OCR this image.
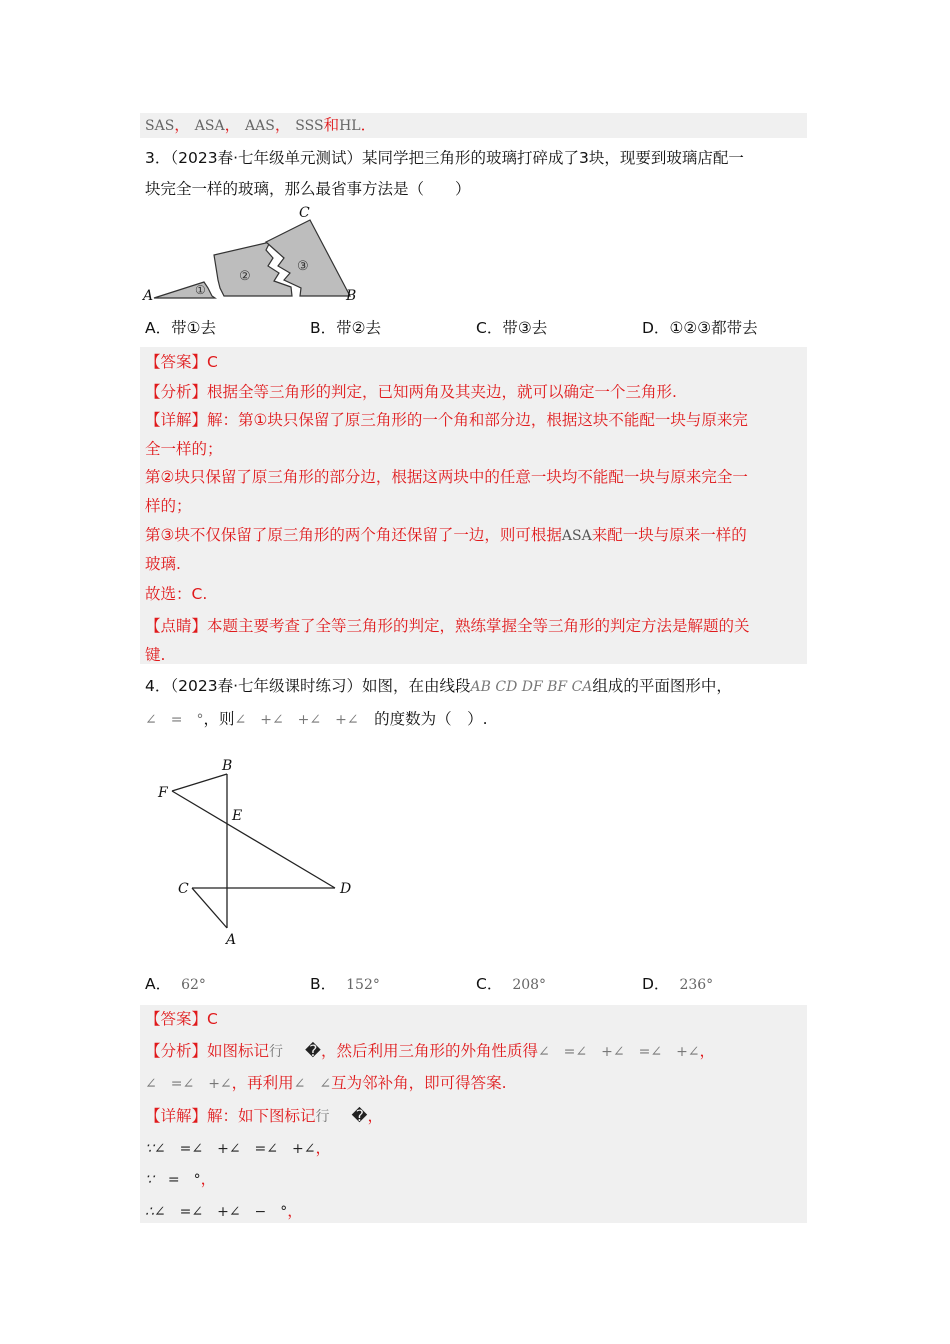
SAS， ASA， AAS， SSS和HL．
3．（2023春·七年级单元测试）某同学把三角形的玻璃打碎成了3块，现要到玻璃店配一
块完全一样的玻璃，那么最省事方法是（　　）
①
②
③
A	B
C
A．带①去	B．带②去	C．带③去	D．①②③都带去
【答案】C
【分析】根据全等三角形的判定，已知两角及其夹边，就可以确定一个三角形.
【详解】解：第①块只保留了原三角形的一个角和部分边，根据这块不能配一块与原来完
全一样的；
第②块只保留了原三角形的部分边，根据这两块中的任意一块均不能配一块与原来完全一
样的；
第③块不仅保留了原三角形的两个角还保留了一边，则可根据ASA来配一块与原来一样的
玻璃.
故选：C.
【点睛】本题主要考查了全等三角形的判定，熟练掌握全等三角形的判定方法是解题的关
键.
4．（2023春·七年级课时练习）如图，在由线段AB CD DF BF CA组成的平面图形中，
∠　=　°，则∠　+∠　+∠　+∠　的度数为（　）.
B
F
E
C	D
A
A． 62°	B． 152°	C． 208°	D． 236°
【答案】C
【分析】如图标记行 �，然后利用三角形的外角性质得∠　=∠　+∠　=∠　+∠，
∠　=∠　+∠，再利用∠　∠互为邻补角，即可得答案.
【详解】解：如下图标记行 �，
∵∠　=∠　+∠　=∠　+∠，
∵　=　°，
∴∠　=∠　+∠　−　°，
